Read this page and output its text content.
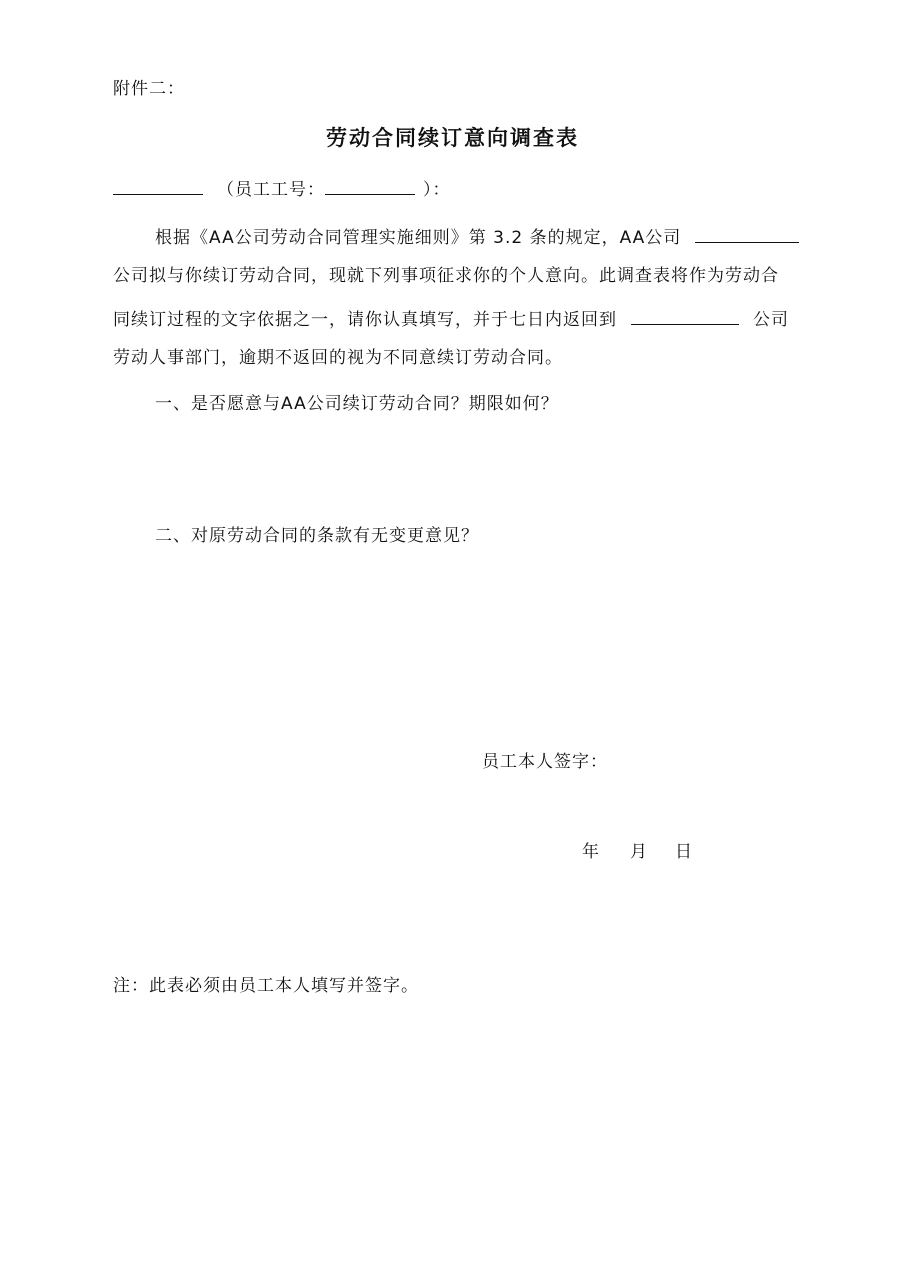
附件二：
劳动合同续订意向调查表
（员工工号：	）：
根据《AA公司劳动合同管理实施细则》第 3.2 条的规定，AA公司
公司拟与你续订劳动合同，现就下列事项征求你的个人意向。此调查表将作为劳动合
同续订过程的文字依据之一，请你认真填写，并于七日内返回到	公司
劳动人事部门，逾期不返回的视为不同意续订劳动合同。
一、是否愿意与AA公司续订劳动合同？期限如何？
二、对原劳动合同的条款有无变更意见？
员工本人签字：
年 月 日
注：此表必须由员工本人填写并签字。
